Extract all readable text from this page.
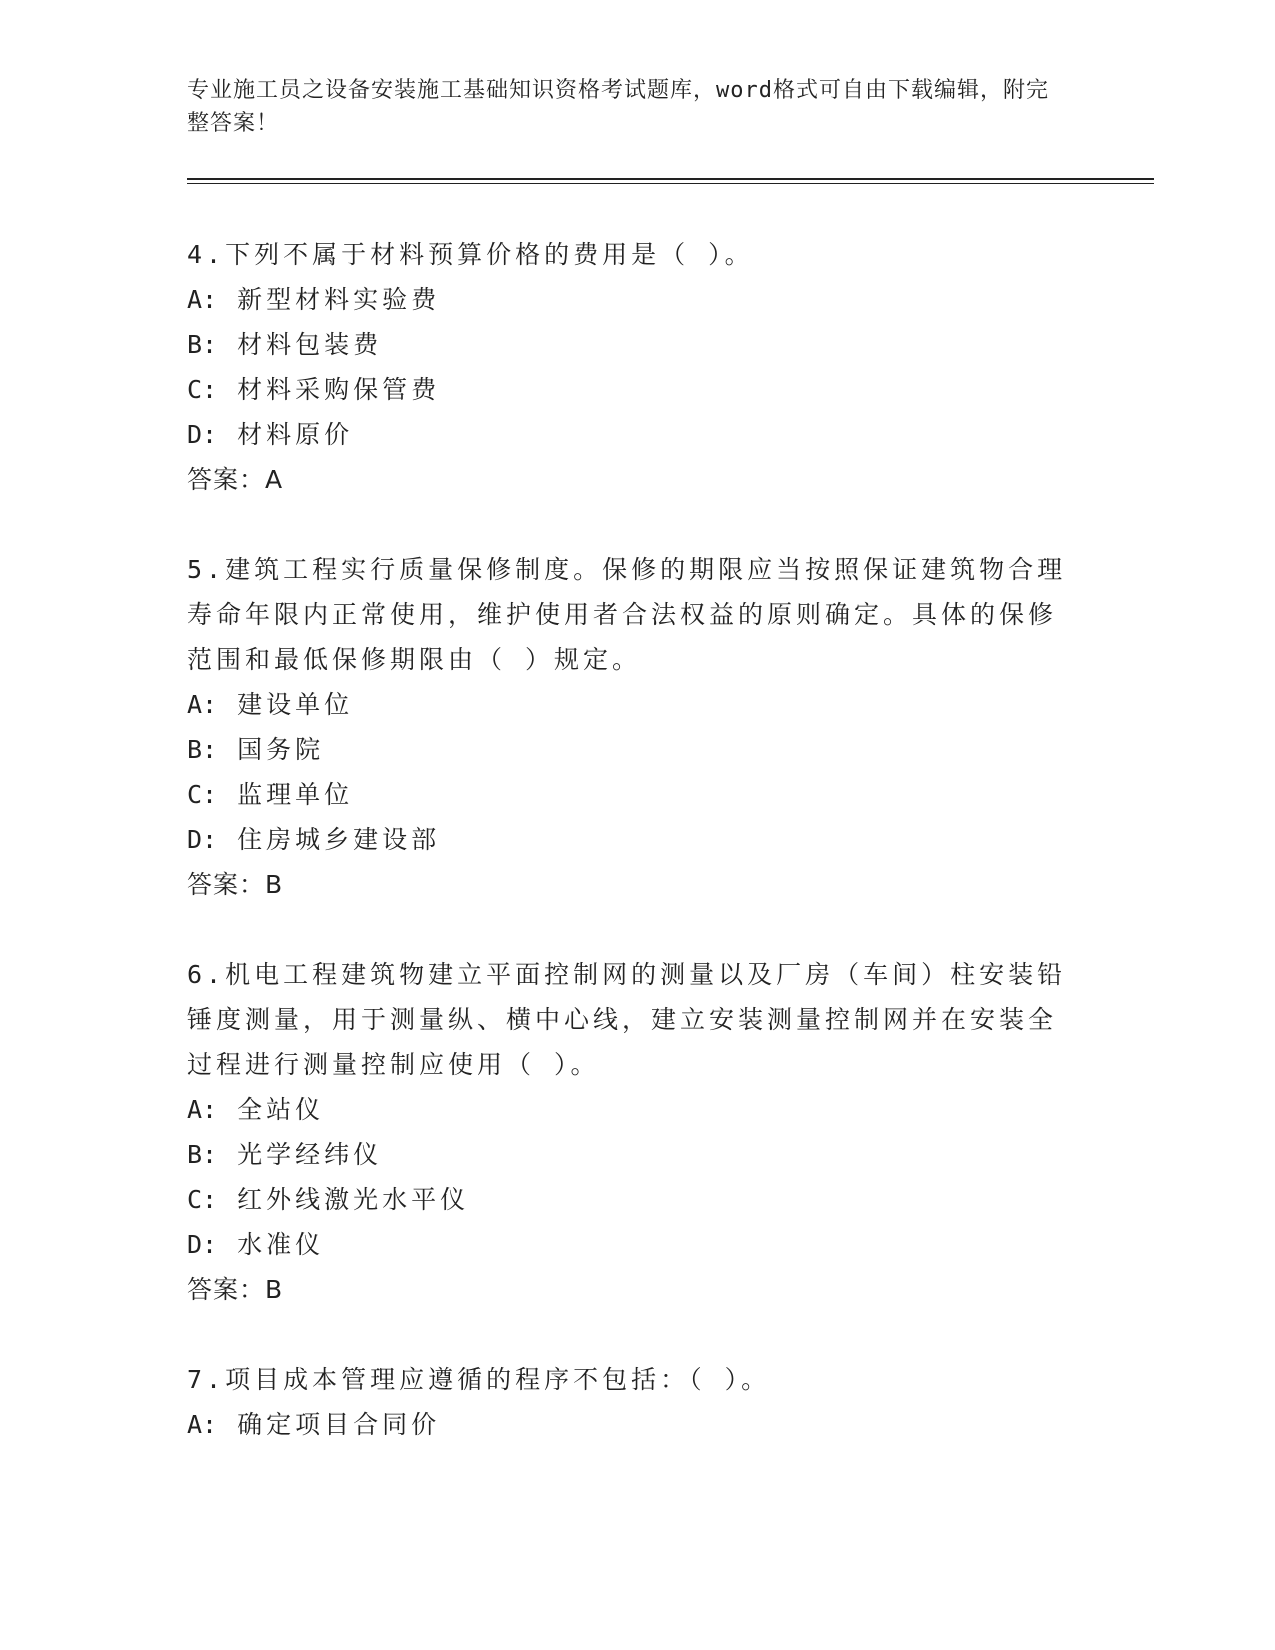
专业施工员之设备安装施工基础知识资格考试题库，word格式可自由下载编辑，附完整答案！

4.下列不属于材料预算价格的费用是（ ）。

A: 新型材料实验费

B: 材料包装费

C: 材料采购保管费

D: 材料原价

答案：A

5.建筑工程实行质量保修制度。保修的期限应当按照保证建筑物合理寿命年限内正常使用，维护使用者合法权益的原则确定。具体的保修范围和最低保修期限由（ ）规定。

A: 建设单位

B: 国务院

C: 监理单位

D: 住房城乡建设部

答案：B

6.机电工程建筑物建立平面控制网的测量以及厂房（车间）柱安装铅锤度测量，用于测量纵、横中心线，建立安装测量控制网并在安装全过程进行测量控制应使用（ ）。

A: 全站仪

B: 光学经纬仪

C: 红外线激光水平仪

D: 水准仪

答案：B

7.项目成本管理应遵循的程序不包括：（ ）。

A: 确定项目合同价
